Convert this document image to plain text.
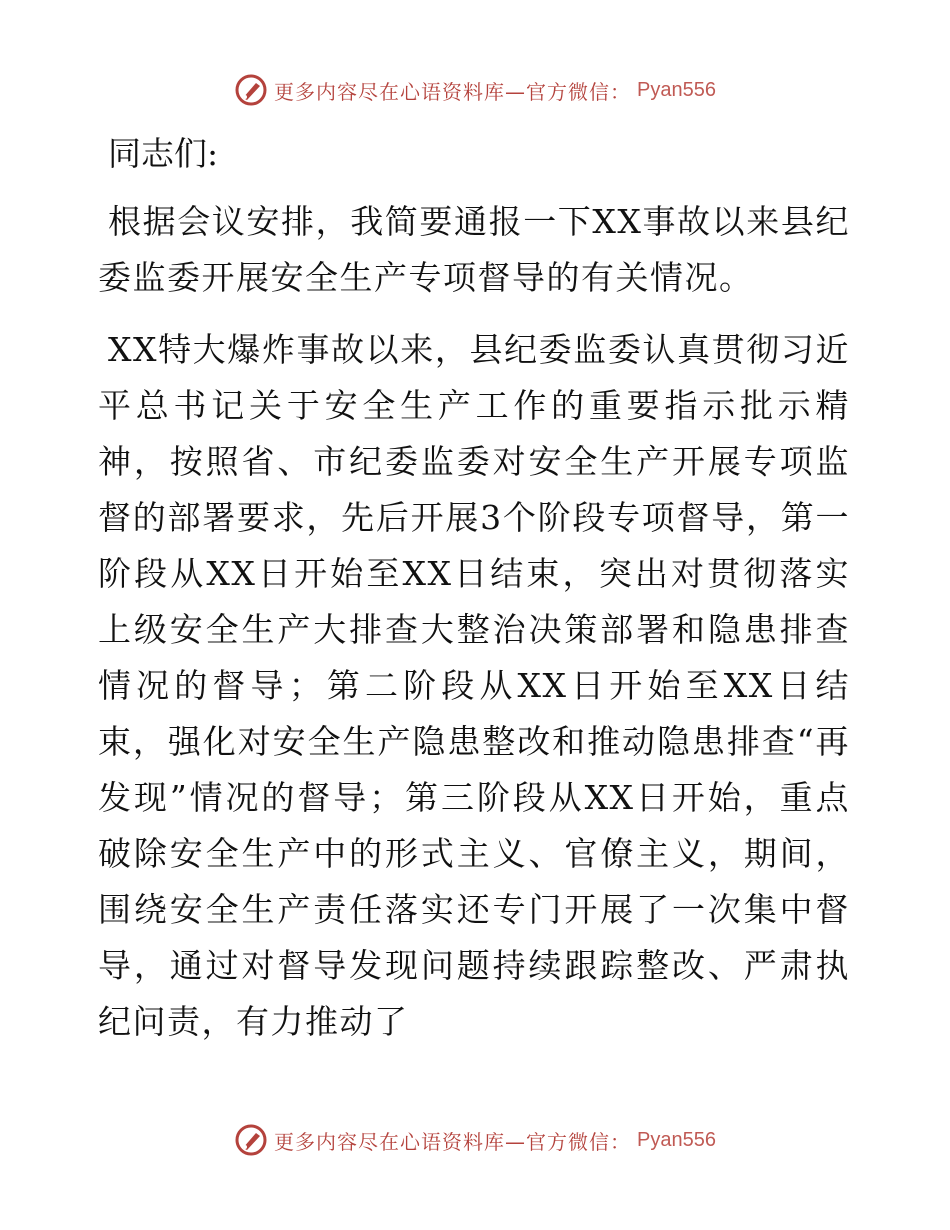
更多内容尽在心语资料库—官方微信： Pyan556
同志们:

根据会议安排，我简要通报一下XX事故以来县纪委监委开展安全生产专项督导的有关情况。

XX特大爆炸事故以来，县纪委监委认真贯彻习近平总书记关于安全生产工作的重要指示批示精神，按照省、市纪委监委对安全生产开展专项监督的部署要求，先后开展3个阶段专项督导，第一阶段从XX日开始至XX日结束，突出对贯彻落实上级安全生产大排查大整治决策部署和隐患排查情况的督导；第二阶段从XX日开始至XX日结束，强化对安全生产隐患整改和推动隐患排查“再发现”情况的督导；第三阶段从XX日开始，重点破除安全生产中的形式主义、官僚主义，期间，围绕安全生产责任落实还专门开展了一次集中督导，通过对督导发现问题持续跟踪整改、严肃执纪问责，有力推动了

更多内容尽在心语资料库—官方微信： Pyan556
